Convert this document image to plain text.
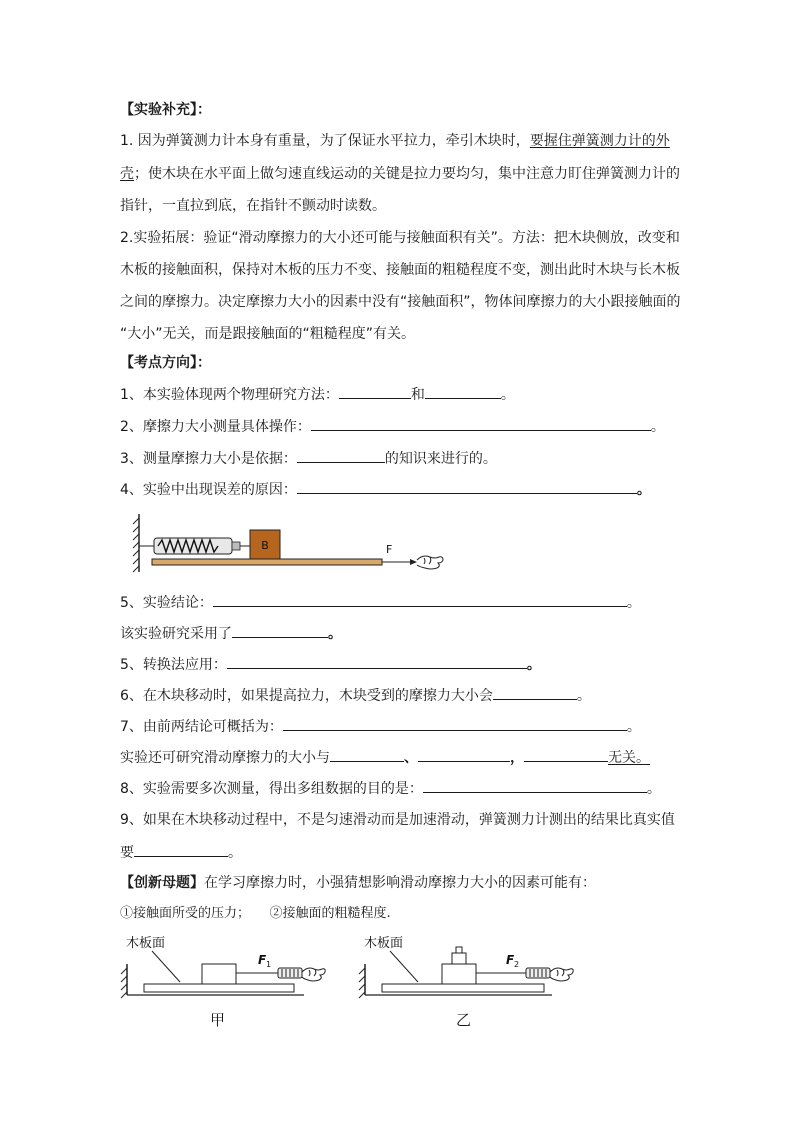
【实验补充】：
1. 因为弹簧测力计本身有重量，为了保证水平拉力，牵引木块时，要握住弹簧测力计的外
壳；使木块在水平面上做匀速直线运动的关键是拉力要均匀，集中注意力盯住弹簧测力计的
指针，一直拉到底，在指针不颤动时读数。
2.实验拓展：验证“滑动摩擦力的大小还可能与接触面积有关”。方法：把木块侧放，改变和
木板的接触面积，保持对木板的压力不变、接触面的粗糙程度不变，测出此时木块与长木板
之间的摩擦力。决定摩擦力大小的因素中没有“接触面积”，物体间摩擦力的大小跟接触面的
“大小”无关，而是跟接触面的“粗糙程度”有关。
【考点方向】：
1、本实验体现两个物理研究方法：	和	。
2、摩擦力大小测量具体操作：	。
3、测量摩擦力大小是依据：	的知识来进行的。
4、实验中出现误差的原因：	。
B	F
5、实验结论：	。
该实验研究采用了	。
5、转换法应用：	。
6、在木块移动时，如果提高拉力，木块受到的摩擦力大小会	。
7、由前两结论可概括为：	。
实验还可研究滑动摩擦力的大小与	、	，	无关。
8、实验需要多次测量，得出多组数据的目的是：	。
9、如果在木块移动过程中，不是匀速滑动而是加速滑动，弹簧测力计测出的结果比真实值
要	。
【创新母题】在学习摩擦力时，小强猜想影响滑动摩擦力大小的因素可能有：
①接触面所受的压力；　　②接触面的粗糙程度.
木板面
F 1
甲
木板面
F 2
乙
